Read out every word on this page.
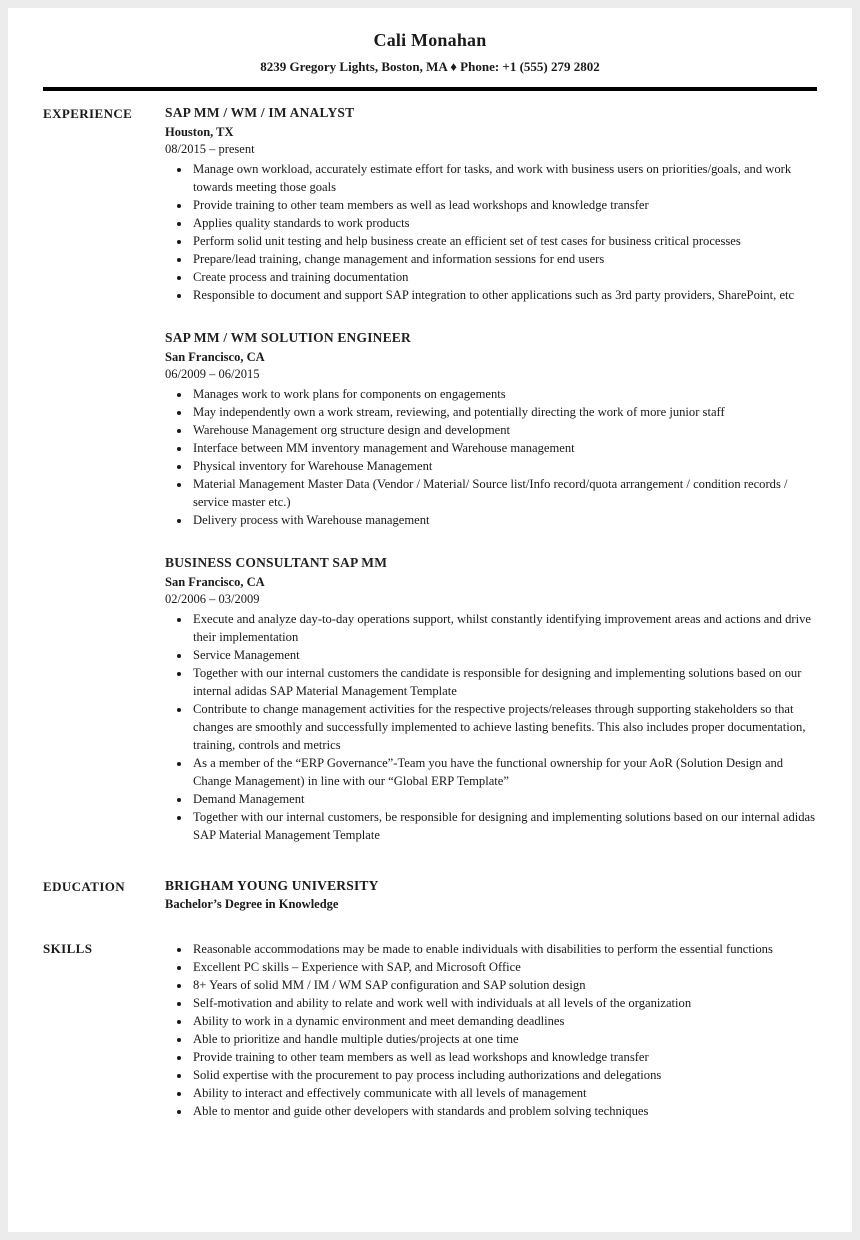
Cali Monahan
8239 Gregory Lights, Boston, MA ♦ Phone: +1 (555) 279 2802
EXPERIENCE	SAP MM / WM / IM ANALYST
Houston, TX
08/2015 – present
• Manage own workload, accurately estimate effort for tasks, and work with business users on priorities/goals, and work towards meeting those goals
• Provide training to other team members as well as lead workshops and knowledge transfer
• Applies quality standards to work products
• Perform solid unit testing and help business create an efficient set of test cases for business critical processes
• Prepare/lead training, change management and information sessions for end users
• Create process and training documentation
• Responsible to document and support SAP integration to other applications such as 3rd party providers, SharePoint, etc
SAP MM / WM SOLUTION ENGINEER
San Francisco, CA
06/2009 – 06/2015
• Manages work to work plans for components on engagements
• May independently own a work stream, reviewing, and potentially directing the work of more junior staff
• Warehouse Management org structure design and development
• Interface between MM inventory management and Warehouse management
• Physical inventory for Warehouse Management
• Material Management Master Data (Vendor / Material/ Source list/Info record/quota arrangement / condition records / service master etc.)
• Delivery process with Warehouse management
BUSINESS CONSULTANT SAP MM
San Francisco, CA
02/2006 – 03/2009
• Execute and analyze day-to-day operations support, whilst constantly identifying improvement areas and actions and drive their implementation
• Service Management
• Together with our internal customers the candidate is responsible for designing and implementing solutions based on our internal adidas SAP Material Management Template
• Contribute to change management activities for the respective projects/releases through supporting stakeholders so that changes are smoothly and successfully implemented to achieve lasting benefits. This also includes proper documentation, training, controls and metrics
• As a member of the “ERP Governance”-Team you have the functional ownership for your AoR (Solution Design and Change Management) in line with our “Global ERP Template”
• Demand Management
• Together with our internal customers, be responsible for designing and implementing solutions based on our internal adidas SAP Material Management Template
EDUCATION	BRIGHAM YOUNG UNIVERSITY
Bachelor’s Degree in Knowledge
SKILLS	• Reasonable accommodations may be made to enable individuals with disabilities to perform the essential functions
• Excellent PC skills – Experience with SAP, and Microsoft Office
• 8+ Years of solid MM / IM / WM SAP configuration and SAP solution design
• Self-motivation and ability to relate and work well with individuals at all levels of the organization
• Ability to work in a dynamic environment and meet demanding deadlines
• Able to prioritize and handle multiple duties/projects at one time
• Provide training to other team members as well as lead workshops and knowledge transfer
• Solid expertise with the procurement to pay process including authorizations and delegations
• Ability to interact and effectively communicate with all levels of management
• Able to mentor and guide other developers with standards and problem solving techniques
